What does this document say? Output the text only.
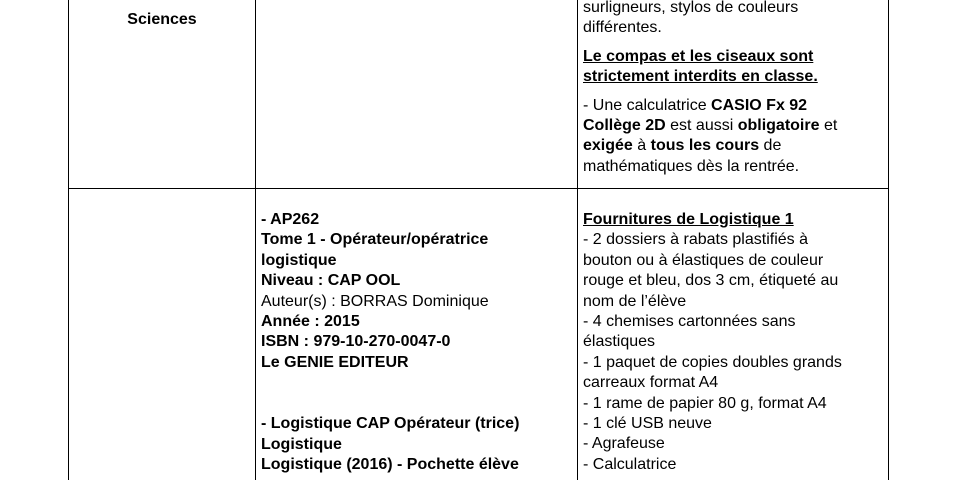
Sciences
surligneurs, stylos de couleurs
différentes.
Le compas et les ciseaux sont
strictement interdits en classe.
- Une calculatrice CASIO Fx 92
Collège 2D est aussi obligatoire et
exigée à tous les cours de
mathématiques dès la rentrée.
- AP262
Tome 1 - Opérateur/opératrice
logistique
Niveau : CAP OOL
Auteur(s) : BORRAS Dominique
Année : 2015
ISBN : 979-10-270-0047-0
Le GENIE EDITEUR
- Logistique CAP Opérateur (trice)
Logistique
Logistique (2016) - Pochette élève
Fournitures de Logistique 1
- 2 dossiers à rabats plastifiés à
bouton ou à élastiques de couleur
rouge et bleu, dos 3 cm, étiqueté au
nom de l’élève
- 4 chemises cartonnées sans
élastiques
- 1 paquet de copies doubles grands
carreaux format A4
- 1 rame de papier 80 g, format A4
- 1 clé USB neuve
- Agrafeuse
- Calculatrice
